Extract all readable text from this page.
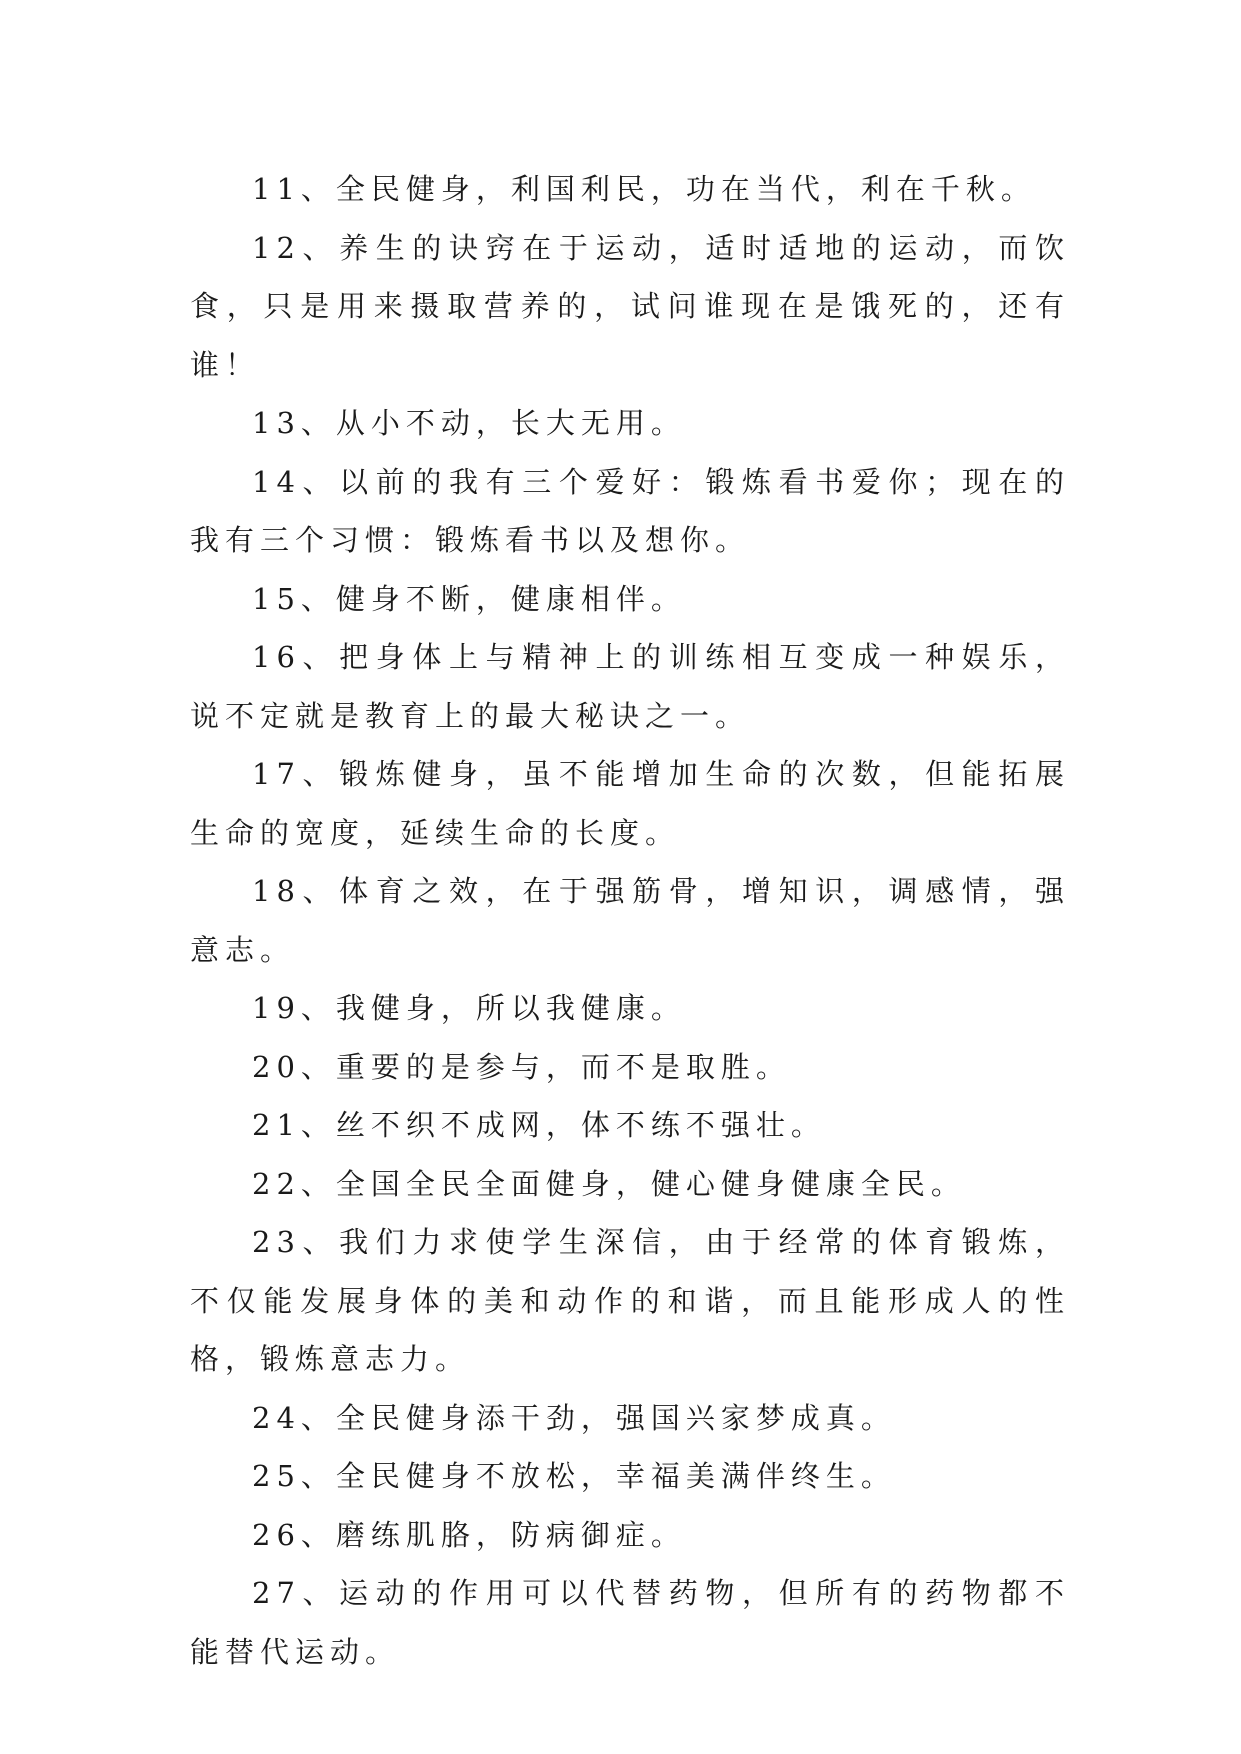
11、全民健身，利国利民，功在当代，利在千秋。

12、养生的诀窍在于运动，适时适地的运动，而饮食，只是用来摄取营养的，试问谁现在是饿死的，还有谁！

13、从小不动，长大无用。

14、以前的我有三个爱好：锻炼看书爱你；现在的我有三个习惯：锻炼看书以及想你。

15、健身不断，健康相伴。

16、把身体上与精神上的训练相互变成一种娱乐，说不定就是教育上的最大秘诀之一。

17、锻炼健身，虽不能增加生命的次数，但能拓展生命的宽度，延续生命的长度。

18、体育之效，在于强筋骨，增知识，调感情，强意志。

19、我健身，所以我健康。

20、重要的是参与，而不是取胜。

21、丝不织不成网，体不练不强壮。

22、全国全民全面健身，健心健身健康全民。

23、我们力求使学生深信，由于经常的体育锻炼，不仅能发展身体的美和动作的和谐，而且能形成人的性格，锻炼意志力。

24、全民健身添干劲，强国兴家梦成真。

25、全民健身不放松，幸福美满伴终生。

26、磨练肌胳，防病御症。

27、运动的作用可以代替药物，但所有的药物都不能替代运动。
